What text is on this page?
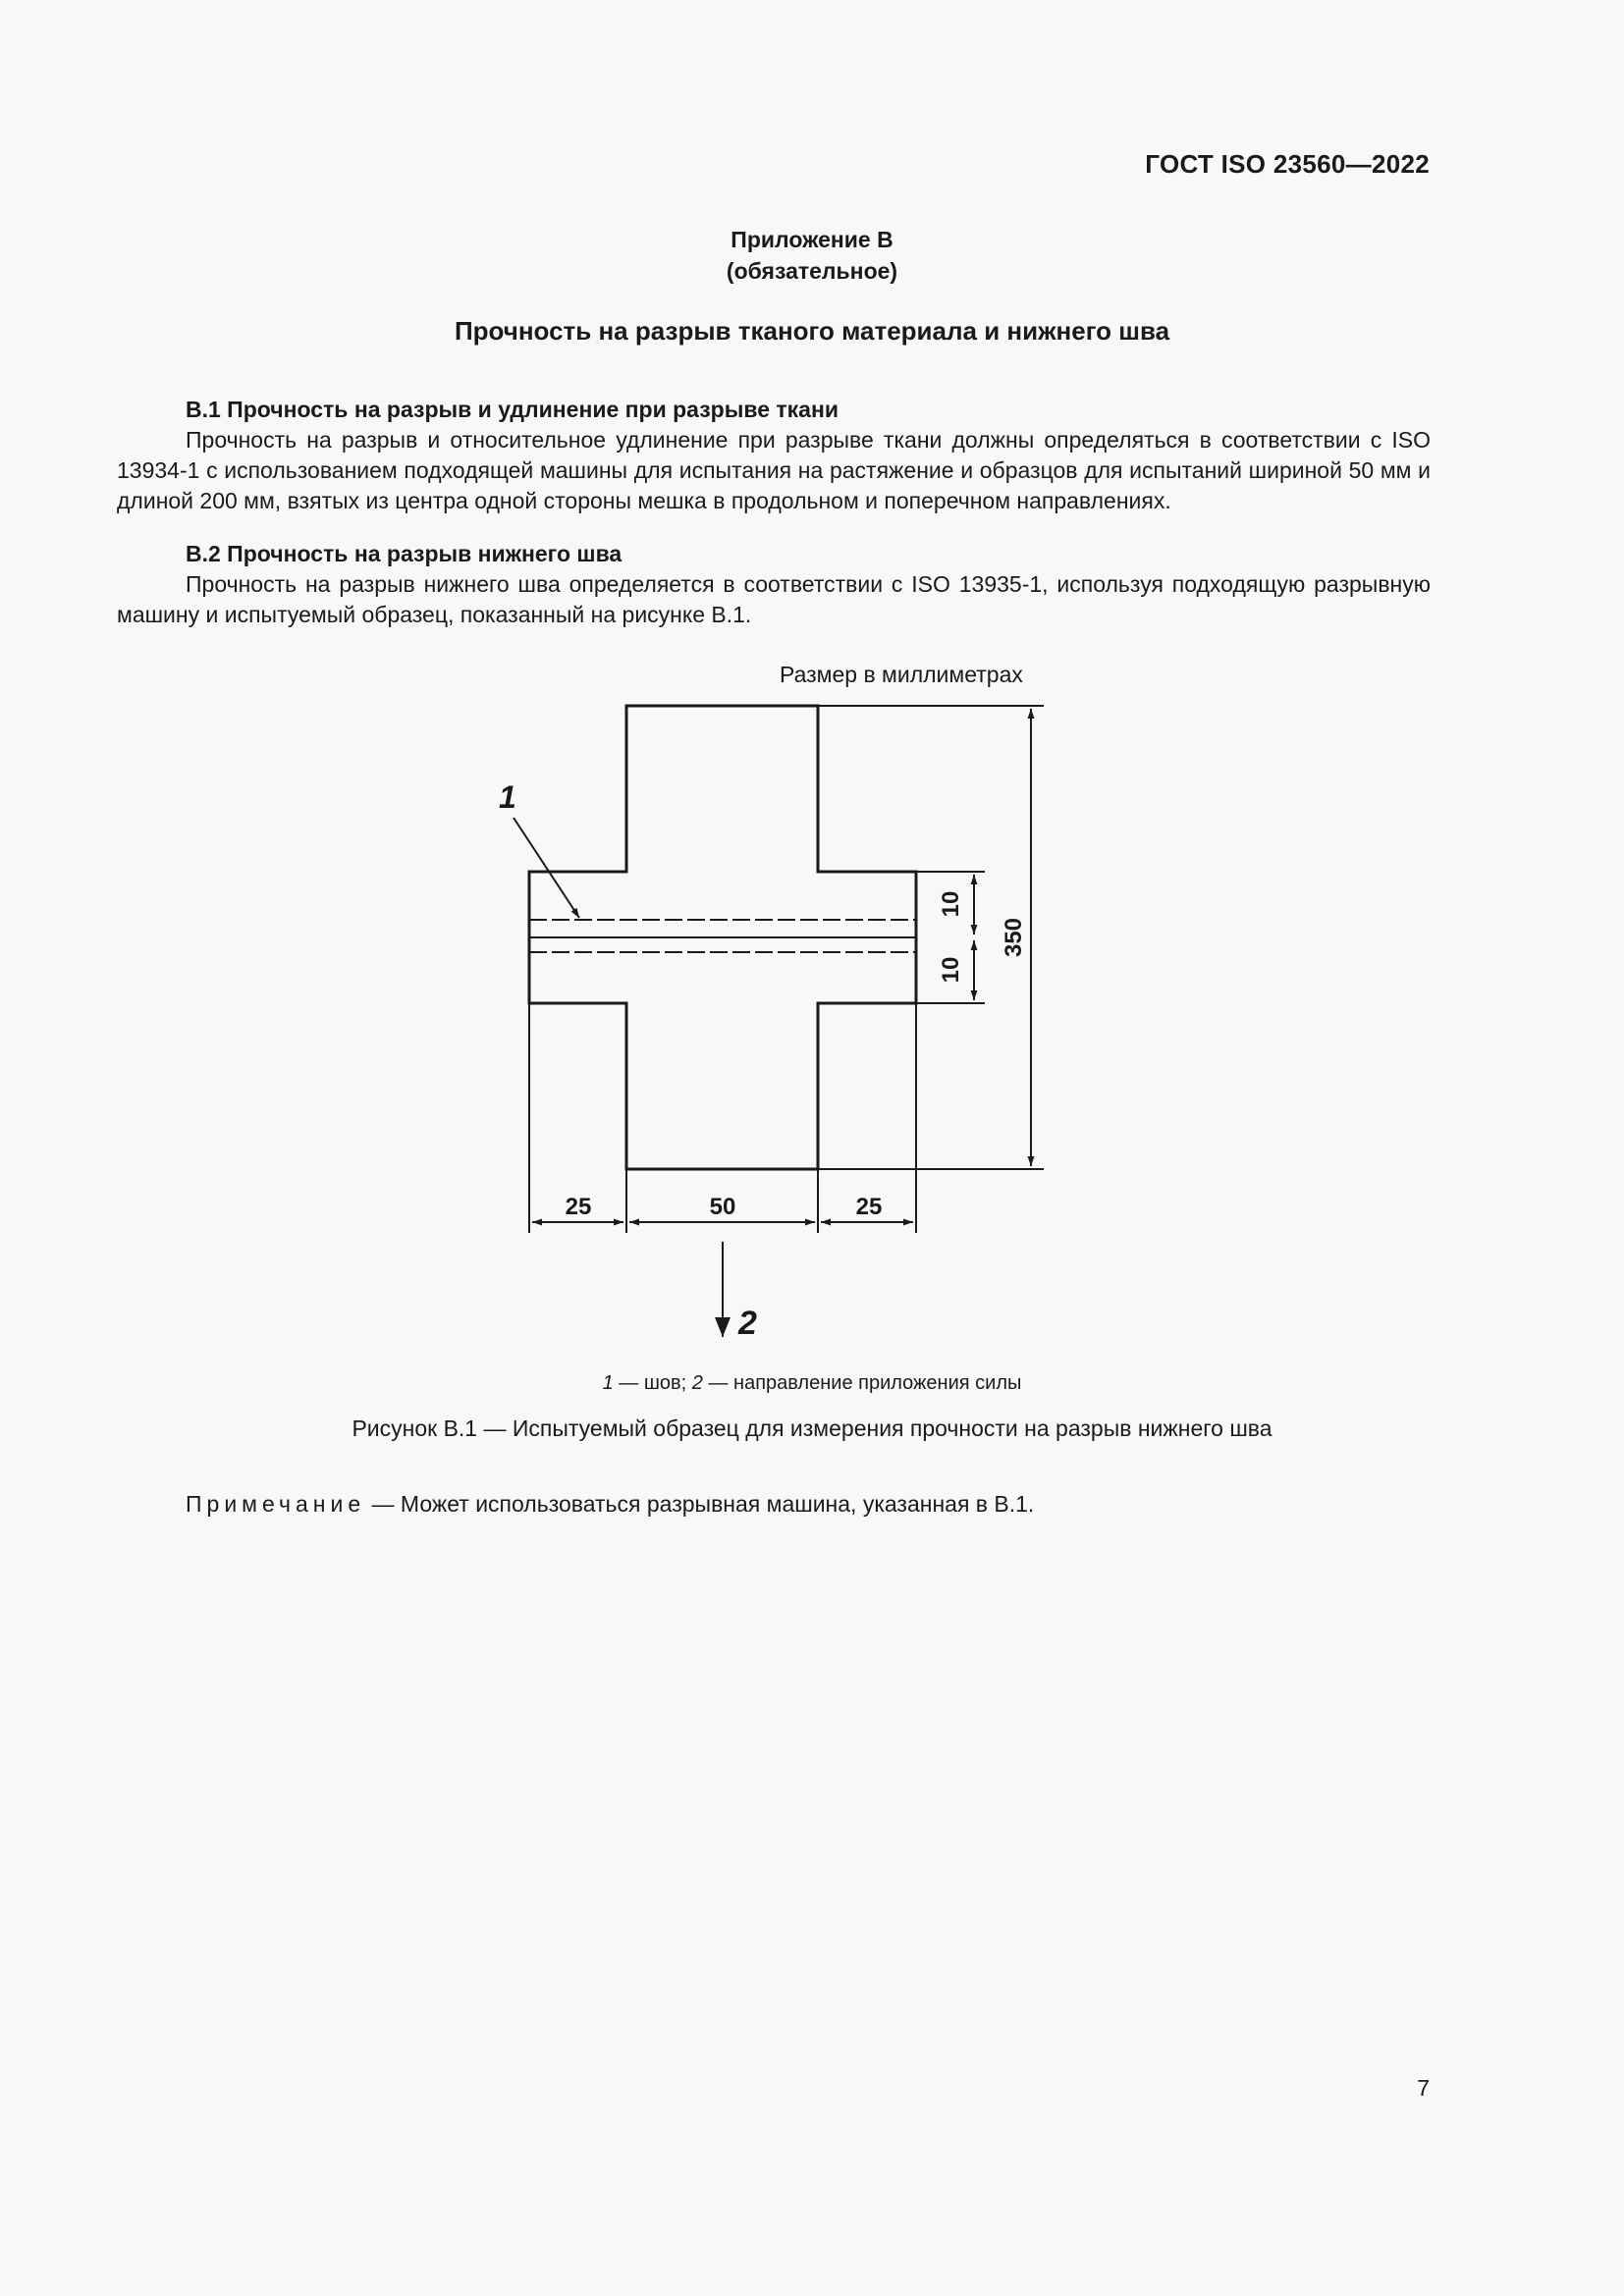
ГОСТ ISO 23560—2022
Приложение В
(обязательное)
Прочность на разрыв тканого материала и нижнего шва
В.1 Прочность на разрыв и удлинение при разрыве ткани
Прочность на разрыв и относительное удлинение при разрыве ткани должны определяться в соответствии с ISO 13934-1 с использованием подходящей машины для испытания на растяжение и образцов для испытаний шириной 50 мм и длиной 200 мм, взятых из центра одной стороны мешка в продольном и поперечном направлениях.
В.2 Прочность на разрыв нижнего шва
Прочность на разрыв нижнего шва определяется в соответствии с ISO 13935-1, используя подходящую разрывную машину и испытуемый образец, показанный на рисунке В.1.
Размер в миллиметрах
1
350
10
10
25	50	25
2
1 — шов; 2 — направление приложения силы
Рисунок В.1 — Испытуемый образец для измерения прочности на разрыв нижнего шва
Примечание — Может использоваться разрывная машина, указанная в В.1.
7
